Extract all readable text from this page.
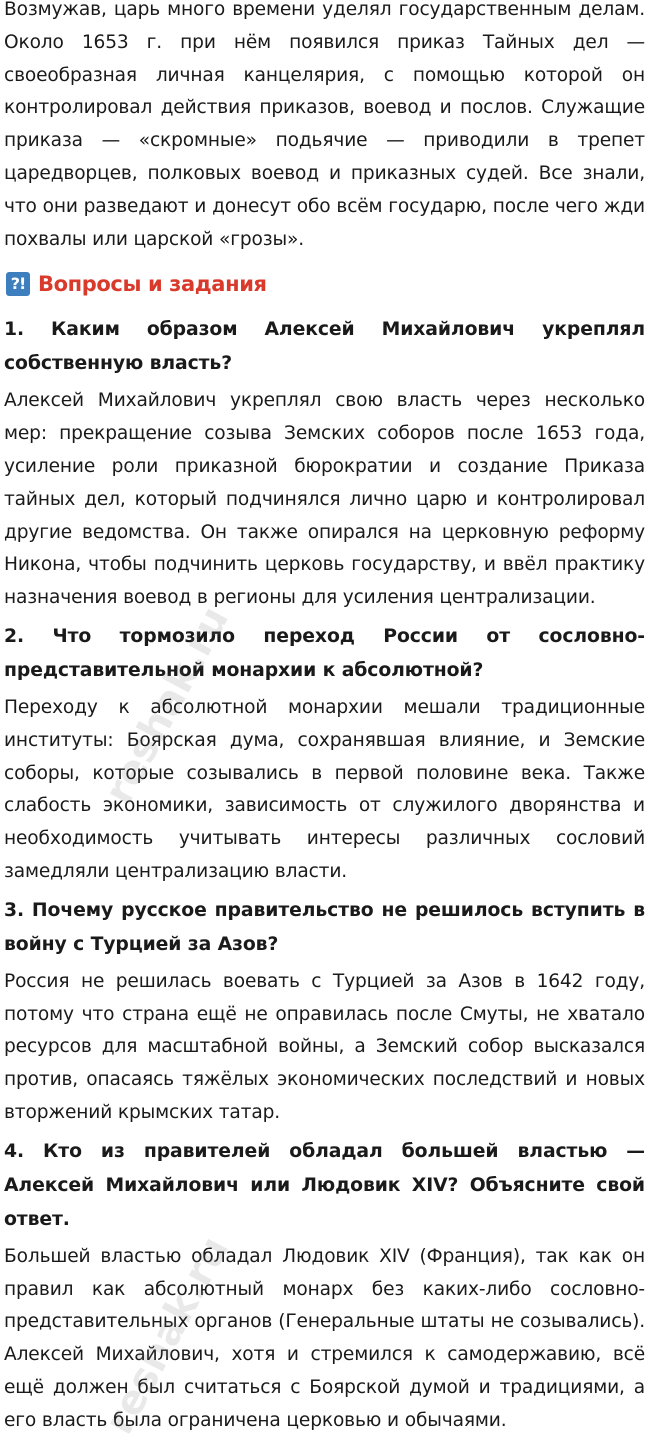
Возмужав, царь много времени уделял государственным делам. Около 1653 г. при нём появился приказ Тайных дел — своеобразная личная канцелярия, с помощью которой он контролировал действия приказов, воевод и послов. Служащие приказа — «скромные» подьячие — приводили в трепет царедворцев, полковых воевод и приказных судей. Все знали, что они разведают и донесут обо всём государю, после чего жди похвалы или царской «грозы».

?! Вопросы и задания

1. Каким образом Алексей Михайлович укреплял собственную власть?

Алексей Михайлович укреплял свою власть через несколько мер: прекращение созыва Земских соборов после 1653 года, усиление роли приказной бюрократии и создание Приказа тайных дел, который подчинялся лично царю и контролировал другие ведомства. Он также опирался на церковную реформу Никона, чтобы подчинить церковь государству, и ввёл практику назначения воевод в регионы для усиления централизации.

2. Что тормозило переход России от сословно-представительной монархии к абсолютной?

Переходу к абсолютной монархии мешали традиционные институты: Боярская дума, сохранявшая влияние, и Земские соборы, которые созывались в первой половине века. Также слабость экономики, зависимость от служилого дворянства и необходимость учитывать интересы различных сословий замедляли централизацию власти.

3. Почему русское правительство не решилось вступить в войну с Турцией за Азов?

Россия не решилась воевать с Турцией за Азов в 1642 году, потому что страна ещё не оправилась после Смуты, не хватало ресурсов для масштабной войны, а Земский собор высказался против, опасаясь тяжёлых экономических последствий и новых вторжений крымских татар.

4. Кто из правителей обладал большей властью — Алексей Михайлович или Людовик XIV? Объясните свой ответ.

Большей властью обладал Людовик XIV (Франция), так как он правил как абсолютный монарх без каких-либо сословно-представительных органов (Генеральные штаты не созывались). Алексей Михайлович, хотя и стремился к самодержавию, всё ещё должен был считаться с Боярской думой и традициями, а его власть была ограничена церковью и обычаями.

reshak.ru
reshak.ru
